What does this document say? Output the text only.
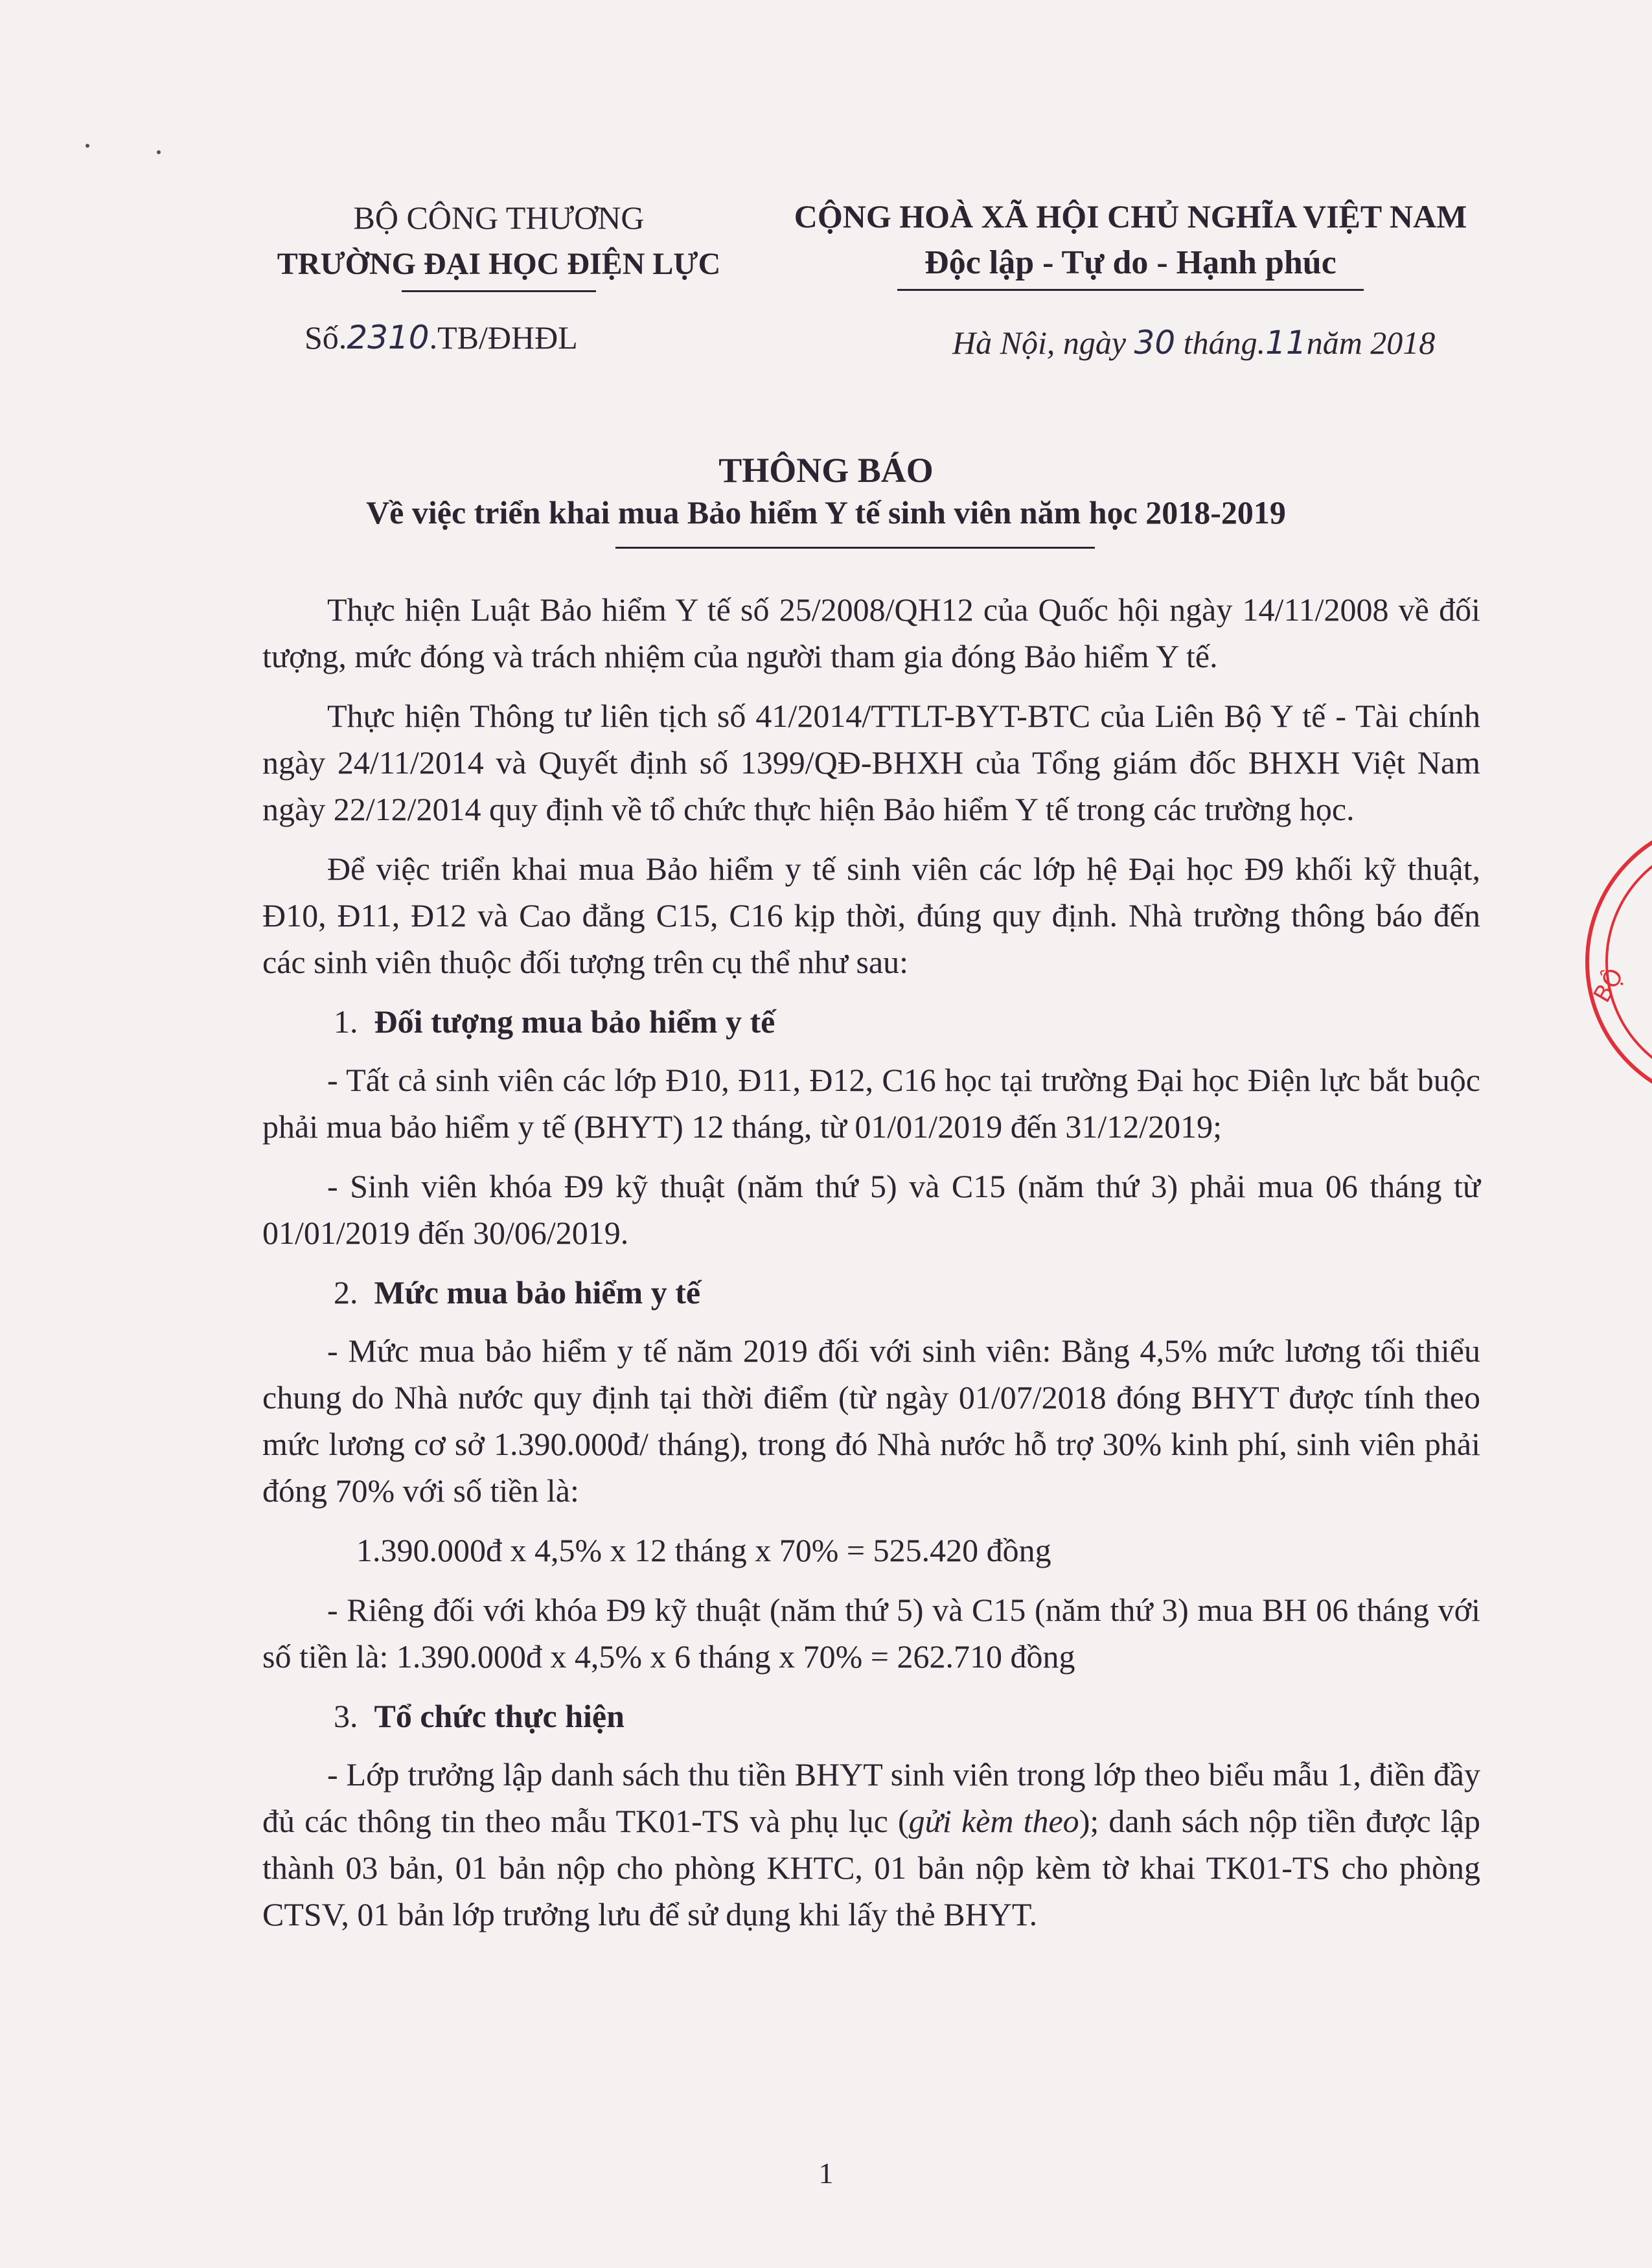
BỘ CÔNG THƯƠNG
TRƯỜNG ĐẠI HỌC ĐIỆN LỰC
CỘNG HOÀ XÃ HỘI CHỦ NGHĨA VIỆT NAM
Độc lập - Tự do - Hạnh phúc
Số.2310.TB/ĐHĐL	Hà Nội, ngày 30 tháng.11năm 2018
THÔNG BÁO
Về việc triển khai mua Bảo hiểm Y tế sinh viên năm học 2018-2019

Thực hiện Luật Bảo hiểm Y tế số 25/2008/QH12 của Quốc hội ngày 14/11/2008 về đối tượng, mức đóng và trách nhiệm của người tham gia đóng Bảo hiểm Y tế.

Thực hiện Thông tư liên tịch số 41/2014/TTLT-BYT-BTC của Liên Bộ Y tế - Tài chính ngày 24/11/2014 và Quyết định số 1399/QĐ-BHXH của Tổng giám đốc BHXH Việt Nam ngày 22/12/2014 quy định về tổ chức thực hiện Bảo hiểm Y tế trong các trường học.

Để việc triển khai mua Bảo hiểm y tế sinh viên các lớp hệ Đại học Đ9 khối kỹ thuật, Đ10, Đ11, Đ12 và Cao đẳng C15, C16 kịp thời, đúng quy định. Nhà trường thông báo đến các sinh viên thuộc đối tượng trên cụ thể như sau:

1. Đối tượng mua bảo hiểm y tế

- Tất cả sinh viên các lớp Đ10, Đ11, Đ12, C16 học tại trường Đại học Điện lực bắt buộc phải mua bảo hiểm y tế (BHYT) 12 tháng, từ 01/01/2019 đến 31/12/2019;

- Sinh viên khóa Đ9 kỹ thuật (năm thứ 5) và C15 (năm thứ 3) phải mua 06 tháng từ 01/01/2019 đến 30/06/2019.

2. Mức mua bảo hiểm y tế

- Mức mua bảo hiểm y tế năm 2019 đối với sinh viên: Bằng 4,5% mức lương tối thiểu chung do Nhà nước quy định tại thời điểm (từ ngày 01/07/2018 đóng BHYT được tính theo mức lương cơ sở 1.390.000đ/ tháng), trong đó Nhà nước hỗ trợ 30% kinh phí, sinh viên phải đóng 70% với số tiền là:

1.390.000đ x 4,5% x 12 tháng x 70% = 525.420 đồng

- Riêng đối với khóa Đ9 kỹ thuật (năm thứ 5) và C15 (năm thứ 3) mua BH 06 tháng với số tiền là: 1.390.000đ x 4,5% x 6 tháng x 70% = 262.710 đồng

3. Tổ chức thực hiện

- Lớp trưởng lập danh sách thu tiền BHYT sinh viên trong lớp theo biểu mẫu 1, điền đầy đủ các thông tin theo mẫu TK01-TS và phụ lục (gửi kèm theo); danh sách nộp tiền được lập thành 03 bản, 01 bản nộp cho phòng KHTC, 01 bản nộp kèm tờ khai TK01-TS cho phòng CTSV, 01 bản lớp trưởng lưu để sử dụng khi lấy thẻ BHYT.

1
BỘ
